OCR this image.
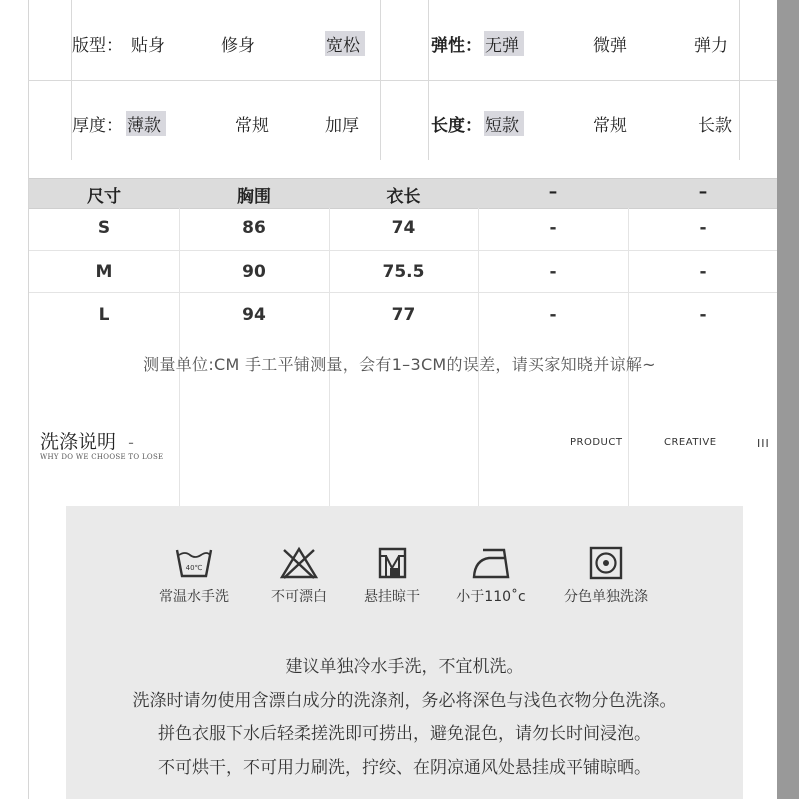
版型： 贴身	修身	宽松	弹性： 无弹	微弹	弹力
厚度： 薄款	常规	加厚	长度： 短款	常规	长款
尺寸	胸围	衣长	–	–
S	86	74	-	-
M	90	75.5	-	-
L	94	77	-	-
测量单位:CM 手工平铺测量，会有1–3CM的误差，请买家知晓并谅解~
洗涤说明 -
WHY DO WE CHOOSE TO LOSE
PRODUCT	CREATIVE	III
40℃
常温水手洗	不可漂白	悬挂晾干	小于110˚c	分色单独洗涤
建议单独冷水手洗，不宜机洗。
洗涤时请勿使用含漂白成分的洗涤剂，务必将深色与浅色衣物分色洗涤。
拼色衣服下水后轻柔搓洗即可捞出，避免混色，请勿长时间浸泡。
不可烘干，不可用力刷洗，拧绞、在阴凉通风处悬挂成平铺晾晒。
